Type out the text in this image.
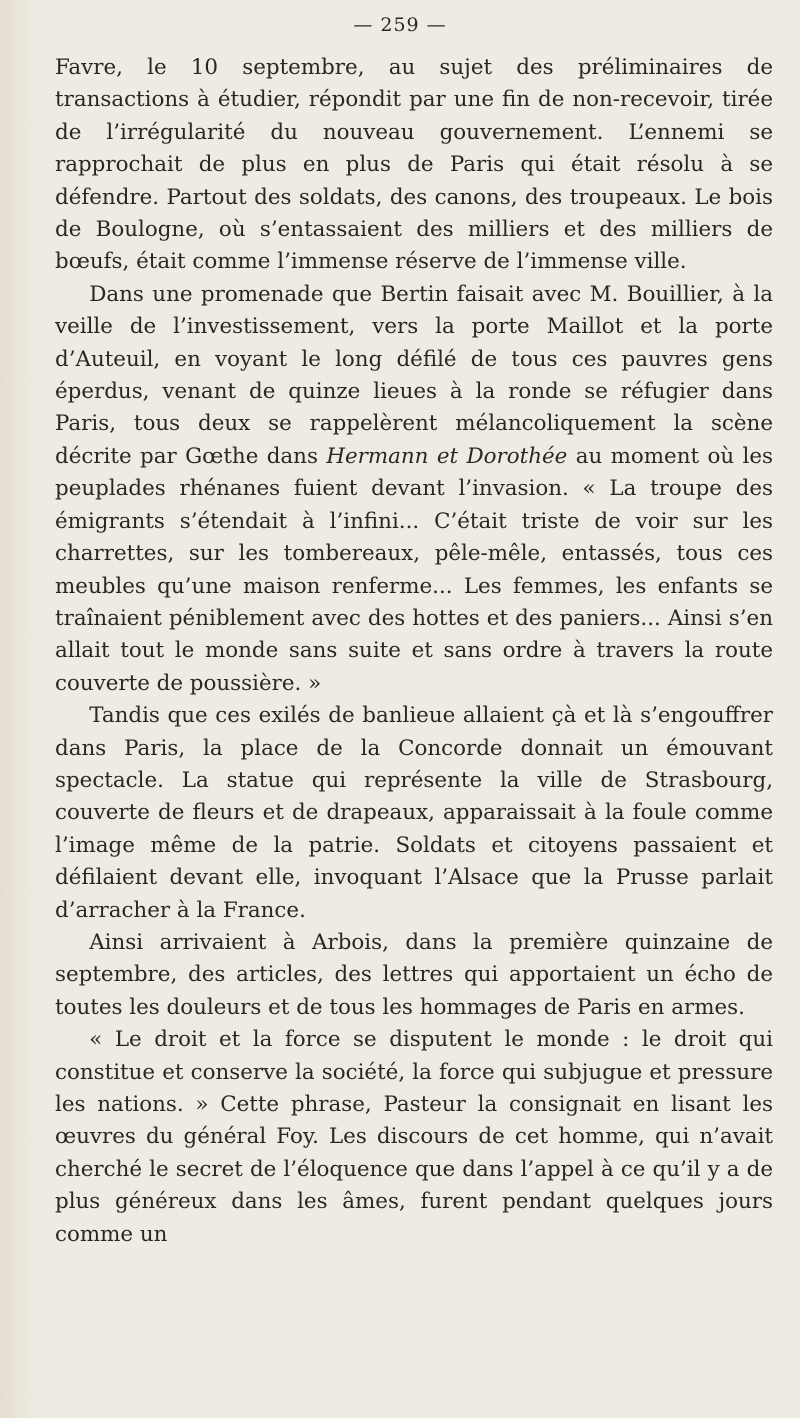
— 259 —

Favre, le 10 septembre, au sujet des préliminaires de transactions à étudier, répondit par une fin de non-recevoir, tirée de l’irrégularité du nouveau gouvernement. L’ennemi se rapprochait de plus en plus de Paris qui était résolu à se défendre. Partout des soldats, des canons, des troupeaux. Le bois de Boulogne, où s’entassaient des milliers et des milliers de bœufs, était comme l’immense réserve de l’immense ville.

Dans une promenade que Bertin faisait avec M. Bouillier, à la veille de l’investissement, vers la porte Maillot et la porte d’Auteuil, en voyant le long défilé de tous ces pauvres gens éperdus, venant de quinze lieues à la ronde se réfugier dans Paris, tous deux se rappelèrent mélancoliquement la scène décrite par Gœthe dans Hermann et Dorothée au moment où les peuplades rhénanes fuient devant l’invasion. « La troupe des émigrants s’étendait à l’infini... C’était triste de voir sur les charrettes, sur les tombereaux, pêle-mêle, entassés, tous ces meubles qu’une maison renferme... Les femmes, les enfants se traînaient péniblement avec des hottes et des paniers... Ainsi s’en allait tout le monde sans suite et sans ordre à travers la route couverte de poussière. »

Tandis que ces exilés de banlieue allaient çà et là s’engouffrer dans Paris, la place de la Concorde donnait un émouvant spectacle. La statue qui représente la ville de Strasbourg, couverte de fleurs et de drapeaux, apparaissait à la foule comme l’image même de la patrie. Soldats et citoyens passaient et défilaient devant elle, invoquant l’Alsace que la Prusse parlait d’arracher à la France.

Ainsi arrivaient à Arbois, dans la première quinzaine de septembre, des articles, des lettres qui apportaient un écho de toutes les douleurs et de tous les hommages de Paris en armes.

« Le droit et la force se disputent le monde : le droit qui constitue et conserve la société, la force qui subjugue et pressure les nations. » Cette phrase, Pasteur la consignait en lisant les œuvres du général Foy. Les discours de cet homme, qui n’avait cherché le secret de l’éloquence que dans l’appel à ce qu’il y a de plus généreux dans les âmes, furent pendant quelques jours comme un
